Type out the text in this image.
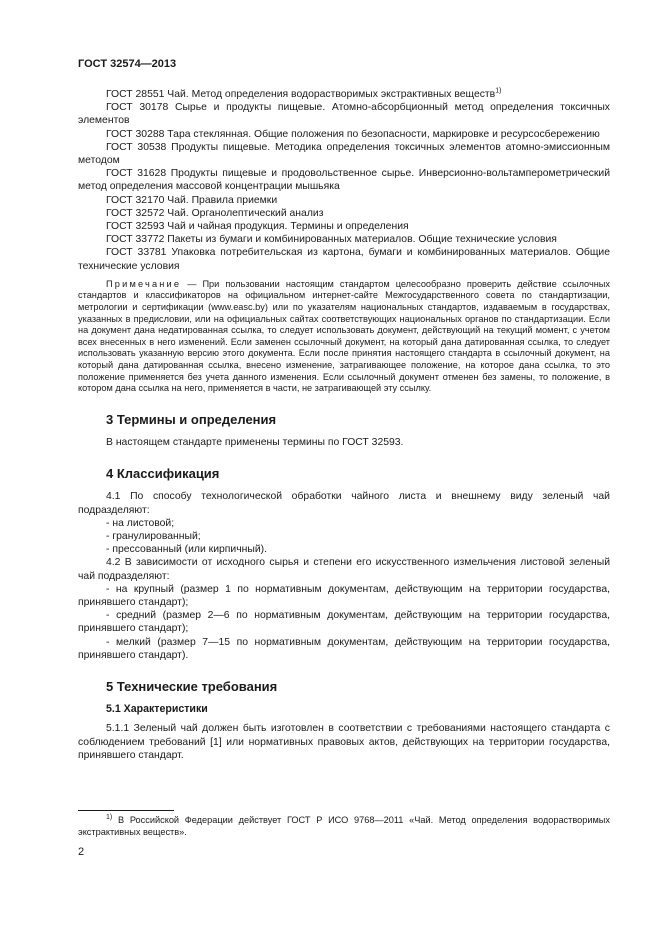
ГОСТ 32574—2013

ГОСТ 28551 Чай. Метод определения водорастворимых экстрактивных веществ$^{1)}$

ГОСТ 30178 Сырье и продукты пищевые. Атомно-абсорбционный метод определения токсичных элементов

ГОСТ 30288 Тара стеклянная. Общие положения по безопасности, маркировке и ресурсосбережению

ГОСТ 30538 Продукты пищевые. Методика определения токсичных элементов атомно-эмиссионным методом

ГОСТ 31628 Продукты пищевые и продовольственное сырье. Инверсионно-вольтамперометрический метод определения массовой концентрации мышьяка

ГОСТ 32170 Чай. Правила приемки

ГОСТ 32572 Чай. Органолептический анализ

ГОСТ 32593 Чай и чайная продукция. Термины и определения

ГОСТ 33772 Пакеты из бумаги и комбинированных материалов. Общие технические условия

ГОСТ 33781 Упаковка потребительская из картона, бумаги и комбинированных материалов. Общие технические условия

Примечание — При пользовании настоящим стандартом целесообразно проверить действие ссылочных стандартов и классификаторов на официальном интернет-сайте Межгосударственного совета по стандартизации, метрологии и сертификации (www.easc.by) или по указателям национальных стандартов, издаваемым в государствах, указанных в предисловии, или на официальных сайтах соответствующих национальных органов по стандартизации. Если на документ дана недатированная ссылка, то следует использовать документ, действующий на текущий момент, с учетом всех внесенных в него изменений. Если заменен ссылочный документ, на который дана датированная ссылка, то следует использовать указанную версию этого документа. Если после принятия настоящего стандарта в ссылочный документ, на который дана датированная ссылка, внесено изменение, затрагивающее положение, на которое дана ссылка, то это положение применяется без учета данного изменения. Если ссылочный документ отменен без замены, то положение, в котором дана ссылка на него, применяется в части, не затрагивающей эту ссылку.

3 Термины и определения

В настоящем стандарте применены термины по ГОСТ 32593.

4 Классификация

4.1 По способу технологической обработки чайного листа и внешнему виду зеленый чай подразделяют:

- на листовой;

- гранулированный;

- прессованный (или кирпичный).

4.2 В зависимости от исходного сырья и степени его искусственного измельчения листовой зеленый чай подразделяют:

- на крупный (размер 1 по нормативным документам, действующим на территории государства, принявшего стандарт);

- средний (размер 2—6 по нормативным документам, действующим на территории государства, принявшего стандарт);

- мелкий (размер 7—15 по нормативным документам, действующим на территории государства, принявшего стандарт).

5 Технические требования
5.1 Характеристики

5.1.1 Зеленый чай должен быть изготовлен в соответствии с требованиями настоящего стандарта с соблюдением требований [1] или нормативных правовых актов, действующих на территории государства, принявшего стандарт.

$^{1)}$ В Российской Федерации действует ГОСТ Р ИСО 9768—2011 «Чай. Метод определения водорастворимых экстрактивных веществ».
2
